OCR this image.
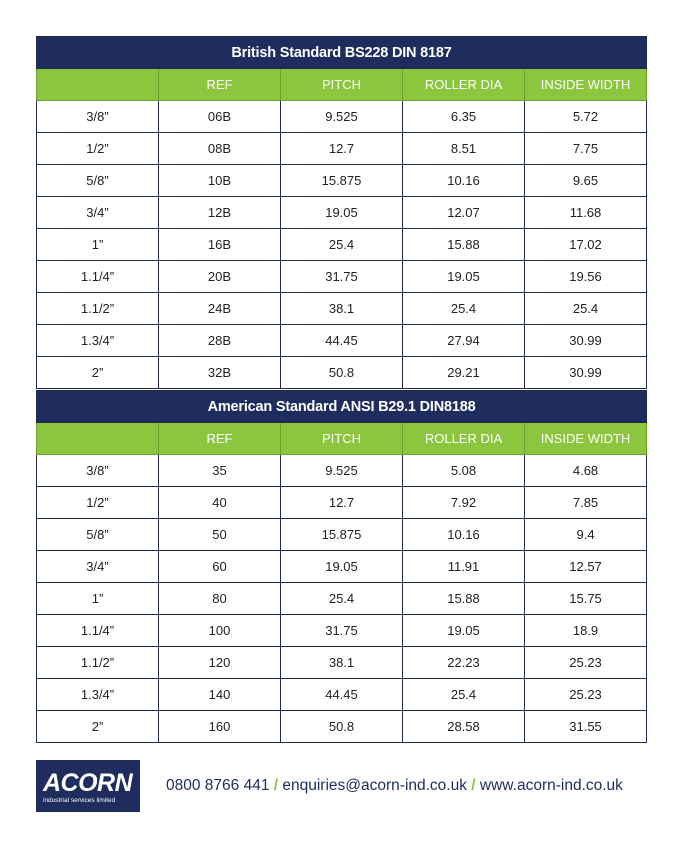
British Standard BS228 DIN 8187				
	REF	PITCH	ROLLER DIA	INSIDE WIDTH
3/8”	06B	9.525	6.35	5.72
1/2”	08B	12.7	8.51	7.75
5/8”	10B	15.875	10.16	9.65
3/4”	12B	19.05	12.07	11.68
1”	16B	25.4	15.88	17.02
1.1/4”	20B	31.75	19.05	19.56
1.1/2”	24B	38.1	25.4	25.4
1.3/4”	28B	44.45	27.94	30.99
2”	32B	50.8	29.21	30.99
American Standard ANSI B29.1 DIN8188				
	REF	PITCH	ROLLER DIA	INSIDE WIDTH
3/8”	35	9.525	5.08	4.68
1/2”	40	12.7	7.92	7.85
5/8”	50	15.875	10.16	9.4
3/4”	60	19.05	11.91	12.57
1”	80	25.4	15.88	15.75
1.1/4”	100	31.75	19.05	18.9
1.1/2”	120	38.1	22.23	25.23
1.3/4”	140	44.45	25.4	25.23
2”	160	50.8	28.58	31.55
ACORN
industrial services limited
0800 8766 441 / enquiries@acorn-ind.co.uk / www.acorn-ind.co.uk
